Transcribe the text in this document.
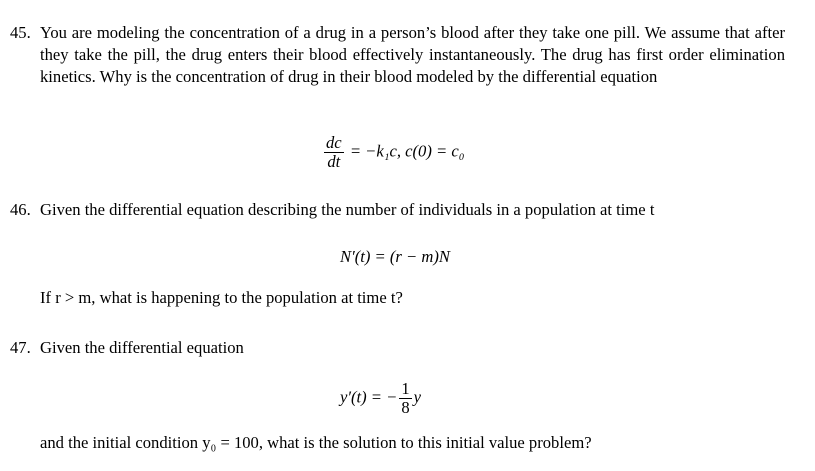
45. You are modeling the concentration of a drug in a person’s blood after they take one pill. We assume that after they take the pill, the drug enters their blood effectively instantaneously. The drug has first order elimination kinetics. Why is the concentration of drug in their blood modeled by the differential equation
$\frac{dc}{dt} = -k_1c$, c(0) = c₀
46. Given the differential equation describing the number of individuals in a population at time t
N′(t) = (r − m)N
If r > m, what is happening to the population at time t?
47. Given the differential equation
y′(t) = − $\frac{1}{8}$ y
and the initial condition y₀ = 100, what is the solution to this initial value problem?
